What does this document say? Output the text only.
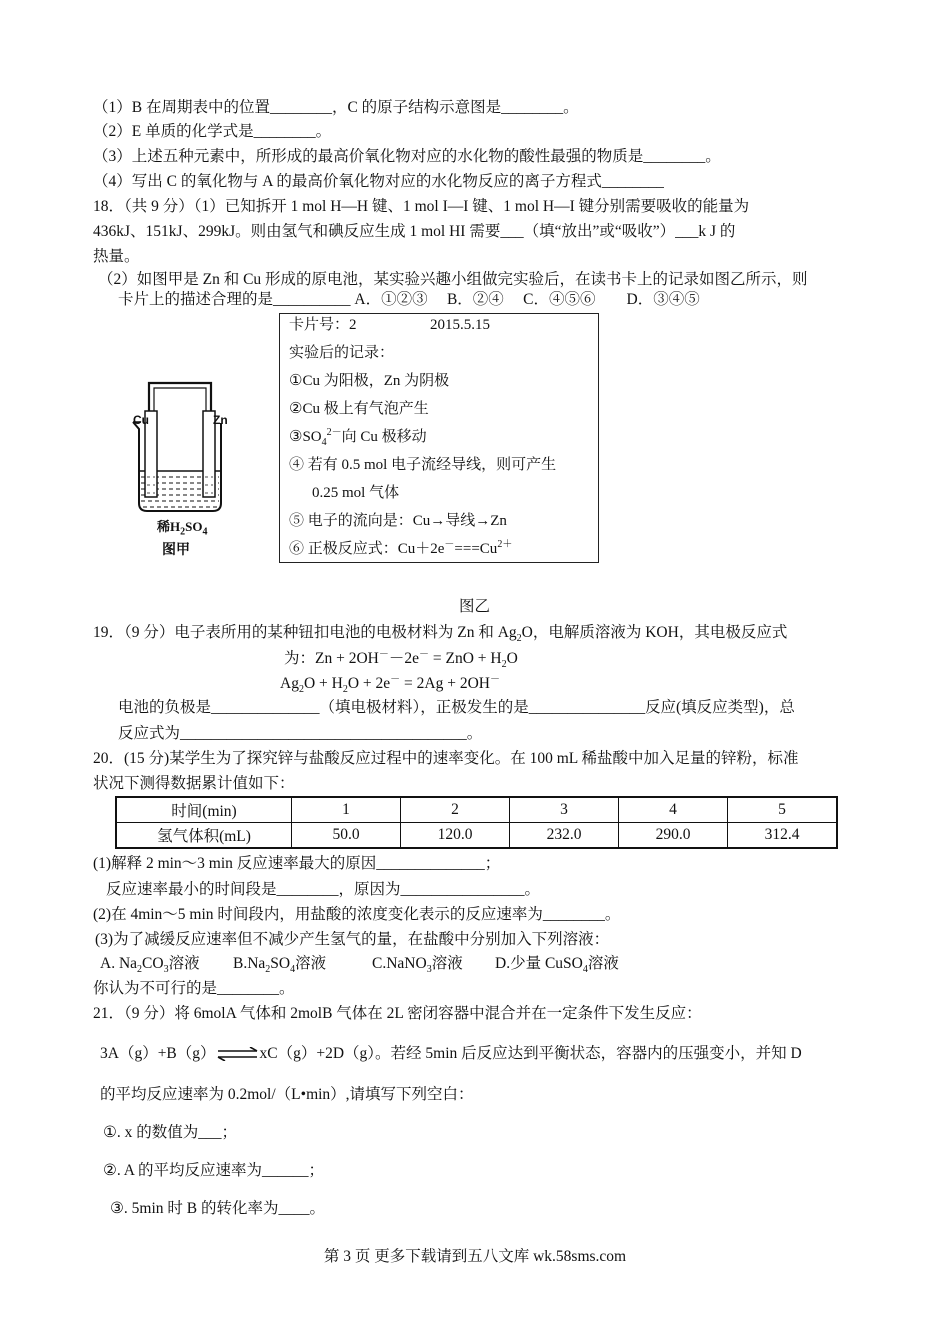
（1）B 在周期表中的位置________，C 的原子结构示意图是________。
（2）E 单质的化学式是________。
（3）上述五种元素中，所形成的最高价氧化物对应的水化物的酸性最强的物质是________。
（4）写出 C 的氧化物与 A 的最高价氧化物对应的水化物反应的离子方程式________
18．（共 9 分）（1）已知拆开 1 mol H—H 键、1 mol I—I 键、1 mol H—I 键分别需要吸收的能量为
436kJ、151kJ、299kJ。则由氢气和碘反应生成 1 mol HI 需要___（填“放出”或“吸收”）___k J 的
热量。
（2）如图甲是 Zn 和 Cu 形成的原电池，某实验兴趣小组做完实验后，在读书卡上的记录如图乙所示，则
卡片上的描述合理的是__________ A．①②③　 B．②④　 C．④⑤⑥　　D．③④⑤
Cu	Zn
稀$H_2SO_4$
图甲
卡片号：2	2015.5.15
实验后的记录：
①Cu 为阳极，Zn 为阴极
②Cu 极上有气泡产生
$③SO_4^{2-}$向 Cu 极移动
④ 若有 0.5 mol 电子流经导线，则可产生
0.25 mol 气体
⑤ 电子的流向是：Cu→导线→Zn
⑥ 正极反应式：$Cu+2e^-===Cu^{2+}$
图乙
19．（9 分）电子表所用的某种钮扣电池的电极材料为 Zn 和 $Ag_2O$，电解质溶液为 KOH，其电极反应式
为：Zn + 2OH－－2e－ = ZnO + $H_2O$
$Ag_2O + H_2O + 2e^- = 2Ag + 2OH^-$
电池的负极是______________（填电极材料），正极发生的是_______________反应(填反应类型)，总
反应式为_____________________________________。
20．(15 分)某学生为了探究锌与盐酸反应过程中的速率变化。在 100 mL 稀盐酸中加入足量的锌粉，标准
状况下测得数据累计值如下：
时间(min)	1	2	3	4	5
氢气体积(mL)	50.0	120.0	232.0	290.0	312.4
(1)解释 2 min～3 min 反应速率最大的原因______________；
反应速率最小的时间段是________，原因为________________。
(2)在 4min～5 min 时间段内，用盐酸的浓度变化表示的反应速率为________。
(3)为了减缓反应速率但不减少产生氢气的量，在盐酸中分别加入下列溶液：
A. $Na_2CO_3$溶液 $B.Na_2SO_4$溶液	C.NaNO$_3$溶液 D.少量 CuSO$_4$溶液
你认为不可行的是________。
21．（9 分）将 6molA 气体和 2molB 气体在 2L 密闭容器中混合并在一定条件下发生反应：
3A（g）+B（g）⇌xC（g）+2D（g）。若经 5min 后反应达到平衡状态，容器内的压强变小，并知 D
的平均反应速率为 0.2mol/（L•min）,请填写下列空白：
①. x 的数值为___；
②. A 的平均反应速率为______；
③. 5min 时 B 的转化率为____。
第 3 页 更多下载请到五八文库 wk.58sms.com
